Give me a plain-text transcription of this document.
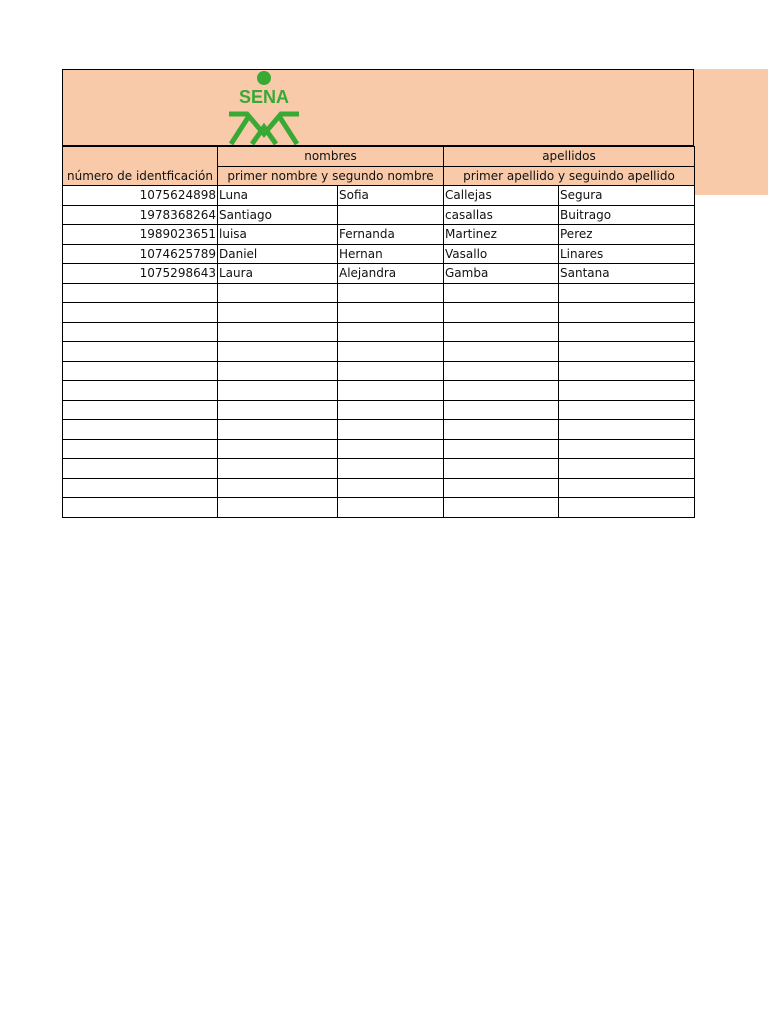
SENA
número de identficación	nombres		apellidos	
	primer nombre y segundo nombre		primer apellido y seguindo apellido	
1075624898	Luna	Sofia	Callejas	Segura
1978368264	Santiago		casallas	Buitrago
1989023651	luisa	Fernanda	Martinez	Perez
1074625789	Daniel	Hernan	Vasallo	Linares
1075298643	Laura	Alejandra	Gamba	Santana
